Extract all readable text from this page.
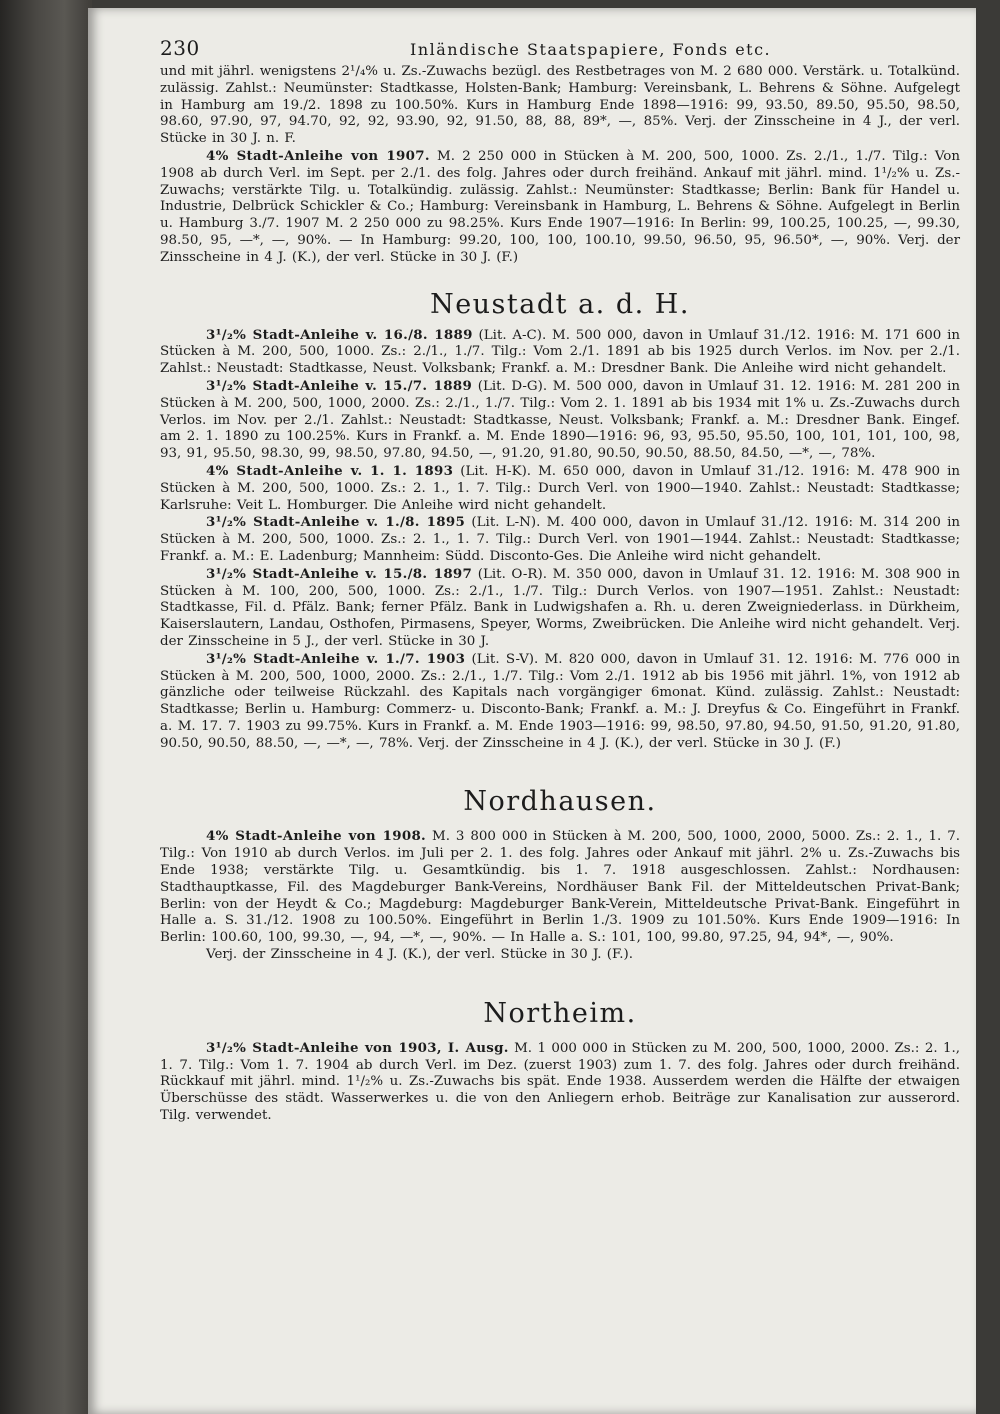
230	Inländische Staatspapiere, Fonds etc.

und mit jährl. wenigstens 2¹/₄% u. Zs.-Zuwachs bezügl. des Restbetrages von M. 2 680 000. Verstärk. u. Totalkünd. zulässig. Zahlst.: Neumünster: Stadtkasse, Holsten-Bank; Hamburg: Vereinsbank, L. Behrens & Söhne. Aufgelegt in Hamburg am 19./2. 1898 zu 100.50%. Kurs in Hamburg Ende 1898—1916: 99, 93.50, 89.50, 95.50, 98.50, 98.60, 97.90, 97, 94.70, 92, 92, 93.90, 92, 91.50, 88, 88, 89*, —, 85%. Verj. der Zinsscheine in 4 J., der verl. Stücke in 30 J. n. F.

4% Stadt-Anleihe von 1907. M. 2 250 000 in Stücken à M. 200, 500, 1000. Zs. 2./1., 1./7. Tilg.: Von 1908 ab durch Verl. im Sept. per 2./1. des folg. Jahres oder durch freihänd. Ankauf mit jährl. mind. 1¹/₂% u. Zs.-Zuwachs; verstärkte Tilg. u. Totalkündig. zulässig. Zahlst.: Neumünster: Stadtkasse; Berlin: Bank für Handel u. Industrie, Delbrück Schickler & Co.; Hamburg: Vereinsbank in Hamburg, L. Behrens & Söhne. Aufgelegt in Berlin u. Hamburg 3./7. 1907 M. 2 250 000 zu 98.25%. Kurs Ende 1907—1916: In Berlin: 99, 100.25, 100.25, —, 99.30, 98.50, 95, —*, —, 90%. — In Hamburg: 99.20, 100, 100, 100.10, 99.50, 96.50, 95, 96.50*, —, 90%. Verj. der Zinsscheine in 4 J. (K.), der verl. Stücke in 30 J. (F.)

Neustadt a. d. H.

3¹/₂% Stadt-Anleihe v. 16./8. 1889 (Lit. A-C). M. 500 000, davon in Umlauf 31./12. 1916: M. 171 600 in Stücken à M. 200, 500, 1000. Zs.: 2./1., 1./7. Tilg.: Vom 2./1. 1891 ab bis 1925 durch Verlos. im Nov. per 2./1. Zahlst.: Neustadt: Stadtkasse, Neust. Volksbank; Frankf. a. M.: Dresdner Bank. Die Anleihe wird nicht gehandelt.

3¹/₂% Stadt-Anleihe v. 15./7. 1889 (Lit. D-G). M. 500 000, davon in Umlauf 31. 12. 1916: M. 281 200 in Stücken à M. 200, 500, 1000, 2000. Zs.: 2./1., 1./7. Tilg.: Vom 2. 1. 1891 ab bis 1934 mit 1% u. Zs.-Zuwachs durch Verlos. im Nov. per 2./1. Zahlst.: Neustadt: Stadtkasse, Neust. Volksbank; Frankf. a. M.: Dresdner Bank. Eingef. am 2. 1. 1890 zu 100.25%. Kurs in Frankf. a. M. Ende 1890—1916: 96, 93, 95.50, 95.50, 100, 101, 101, 100, 98, 93, 91, 95.50, 98.30, 99, 98.50, 97.80, 94.50, —, 91.20, 91.80, 90.50, 90.50, 88.50, 84.50, —*, —, 78%.

4% Stadt-Anleihe v. 1. 1. 1893 (Lit. H-K). M. 650 000, davon in Umlauf 31./12. 1916: M. 478 900 in Stücken à M. 200, 500, 1000. Zs.: 2. 1., 1. 7. Tilg.: Durch Verl. von 1900—1940. Zahlst.: Neustadt: Stadtkasse; Karlsruhe: Veit L. Homburger. Die Anleihe wird nicht gehandelt.

3¹/₂% Stadt-Anleihe v. 1./8. 1895 (Lit. L-N). M. 400 000, davon in Umlauf 31./12. 1916: M. 314 200 in Stücken à M. 200, 500, 1000. Zs.: 2. 1., 1. 7. Tilg.: Durch Verl. von 1901—1944. Zahlst.: Neustadt: Stadtkasse; Frankf. a. M.: E. Ladenburg; Mannheim: Südd. Disconto-Ges. Die Anleihe wird nicht gehandelt.

3¹/₂% Stadt-Anleihe v. 15./8. 1897 (Lit. O-R). M. 350 000, davon in Umlauf 31. 12. 1916: M. 308 900 in Stücken à M. 100, 200, 500, 1000. Zs.: 2./1., 1./7. Tilg.: Durch Verlos. von 1907—1951. Zahlst.: Neustadt: Stadtkasse, Fil. d. Pfälz. Bank; ferner Pfälz. Bank in Ludwigshafen a. Rh. u. deren Zweigniederlass. in Dürkheim, Kaiserslautern, Landau, Osthofen, Pirmasens, Speyer, Worms, Zweibrücken. Die Anleihe wird nicht gehandelt. Verj. der Zinsscheine in 5 J., der verl. Stücke in 30 J.

3¹/₂% Stadt-Anleihe v. 1./7. 1903 (Lit. S-V). M. 820 000, davon in Umlauf 31. 12. 1916: M. 776 000 in Stücken à M. 200, 500, 1000, 2000. Zs.: 2./1., 1./7. Tilg.: Vom 2./1. 1912 ab bis 1956 mit jährl. 1%, von 1912 ab gänzliche oder teilweise Rückzahl. des Kapitals nach vorgängiger 6monat. Künd. zulässig. Zahlst.: Neustadt: Stadtkasse; Berlin u. Hamburg: Commerz- u. Disconto-Bank; Frankf. a. M.: J. Dreyfus & Co. Eingeführt in Frankf. a. M. 17. 7. 1903 zu 99.75%. Kurs in Frankf. a. M. Ende 1903—1916: 99, 98.50, 97.80, 94.50, 91.50, 91.20, 91.80, 90.50, 90.50, 88.50, —, —*, —, 78%. Verj. der Zinsscheine in 4 J. (K.), der verl. Stücke in 30 J. (F.)

Nordhausen.

4% Stadt-Anleihe von 1908. M. 3 800 000 in Stücken à M. 200, 500, 1000, 2000, 5000. Zs.: 2. 1., 1. 7. Tilg.: Von 1910 ab durch Verlos. im Juli per 2. 1. des folg. Jahres oder Ankauf mit jährl. 2% u. Zs.-Zuwachs bis Ende 1938; verstärkte Tilg. u. Gesamtkündig. bis 1. 7. 1918 ausgeschlossen. Zahlst.: Nordhausen: Stadthauptkasse, Fil. des Magdeburger Bank-Vereins, Nordhäuser Bank Fil. der Mitteldeutschen Privat-Bank; Berlin: von der Heydt & Co.; Magdeburg: Magdeburger Bank-Verein, Mitteldeutsche Privat-Bank. Eingeführt in Halle a. S. 31./12. 1908 zu 100.50%. Eingeführt in Berlin 1./3. 1909 zu 101.50%. Kurs Ende 1909—1916: In Berlin: 100.60, 100, 99.30, —, 94, —*, —, 90%. — In Halle a. S.: 101, 100, 99.80, 97.25, 94, 94*, —, 90%.

Verj. der Zinsscheine in 4 J. (K.), der verl. Stücke in 30 J. (F.).

Northeim.

3¹/₂% Stadt-Anleihe von 1903, I. Ausg. M. 1 000 000 in Stücken zu M. 200, 500, 1000, 2000. Zs.: 2. 1., 1. 7. Tilg.: Vom 1. 7. 1904 ab durch Verl. im Dez. (zuerst 1903) zum 1. 7. des folg. Jahres oder durch freihänd. Rückkauf mit jährl. mind. 1¹/₂% u. Zs.-Zuwachs bis spät. Ende 1938. Ausserdem werden die Hälfte der etwaigen Überschüsse des städt. Wasserwerkes u. die von den Anliegern erhob. Beiträge zur Kanalisation zur ausserord. Tilg. verwendet.
